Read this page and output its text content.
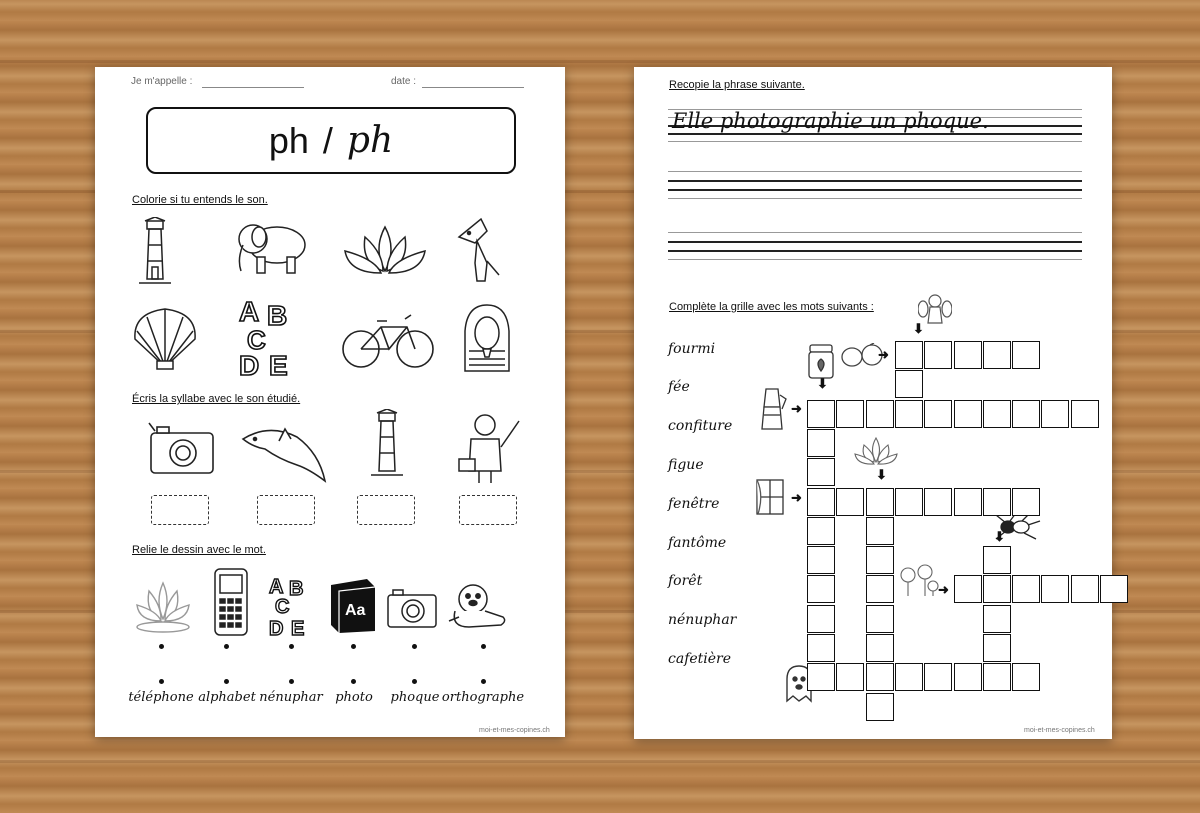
Je m'appelle :	date :
ph / ph
Colorie si tu entends le son.
A B
C
D E
Écris la syllabe avec le son étudié.
Relie le dessin avec le mot.
A B
C
D E
Aa
téléphone alphabet nénuphar photo phoque orthographe
moi-et-mes-copines.ch
Recopie la phrase suivante.
Elle photographie un phoque.
Complète la grille avec les mots suivants :
fourmi
fée
confiture
figue
fenêtre
fantôme
forêt
nénuphar
cafetière
➜
⬇
⬇
➜
⬇
➜
⬇
➜
moi-et-mes-copines.ch
